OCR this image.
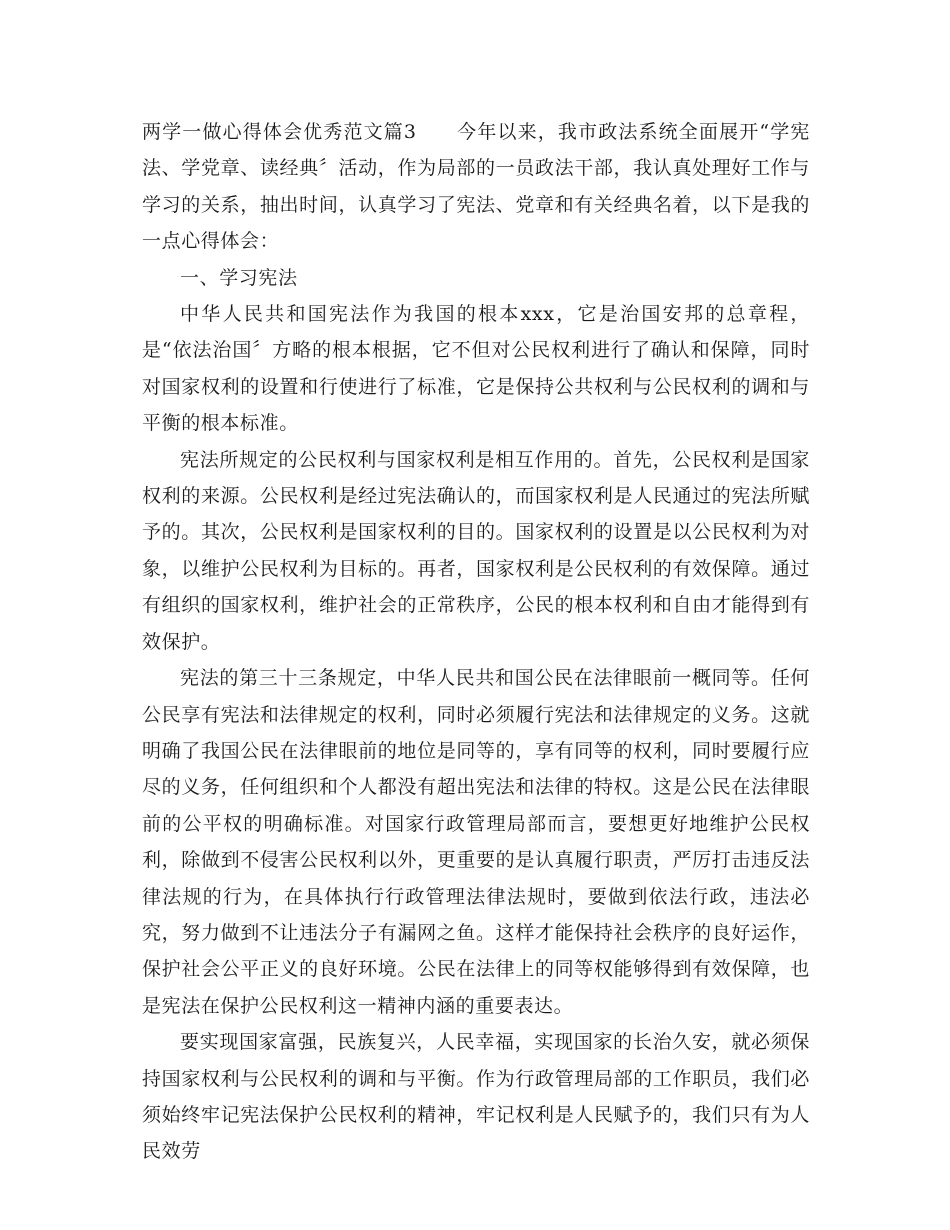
两学一做心得体会优秀范文篇3 今年以来，我市政法系统全面展开“学宪法、学党章、读经典〞活动，作为局部的一员政法干部，我认真处理好工作与学习的关系，抽出时间，认真学习了宪法、党章和有关经典名着，以下是我的一点心得体会：

一、学习宪法

中华人民共和国宪法作为我国的根本xxx，它是治国安邦的总章程，是“依法治国〞方略的根本根据，它不但对公民权利进行了确认和保障，同时对国家权利的设置和行使进行了标准，它是保持公共权利与公民权利的调和与平衡的根本标准。

宪法所规定的公民权利与国家权利是相互作用的。首先，公民权利是国家权利的来源。公民权利是经过宪法确认的，而国家权利是人民通过的宪法所赋予的。其次，公民权利是国家权利的目的。国家权利的设置是以公民权利为对象，以维护公民权利为目标的。再者，国家权利是公民权利的有效保障。通过有组织的国家权利，维护社会的正常秩序，公民的根本权利和自由才能得到有效保护。

宪法的第三十三条规定，中华人民共和国公民在法律眼前一概同等。任何公民享有宪法和法律规定的权利，同时必须履行宪法和法律规定的义务。这就明确了我国公民在法律眼前的地位是同等的，享有同等的权利，同时要履行应尽的义务，任何组织和个人都没有超出宪法和法律的特权。这是公民在法律眼前的公平权的明确标准。对国家行政管理局部而言，要想更好地维护公民权利，除做到不侵害公民权利以外，更重要的是认真履行职责，严厉打击违反法律法规的行为，在具体执行行政管理法律法规时，要做到依法行政，违法必究，努力做到不让违法分子有漏网之鱼。这样才能保持社会秩序的良好运作，保护社会公平正义的良好环境。公民在法律上的同等权能够得到有效保障，也是宪法在保护公民权利这一精神内涵的重要表达。

要实现国家富强，民族复兴，人民幸福，实现国家的长治久安，就必须保持国家权利与公民权利的调和与平衡。作为行政管理局部的工作职员，我们必须始终牢记宪法保护公民权利的精神，牢记权利是人民赋予的，我们只有为人民效劳
